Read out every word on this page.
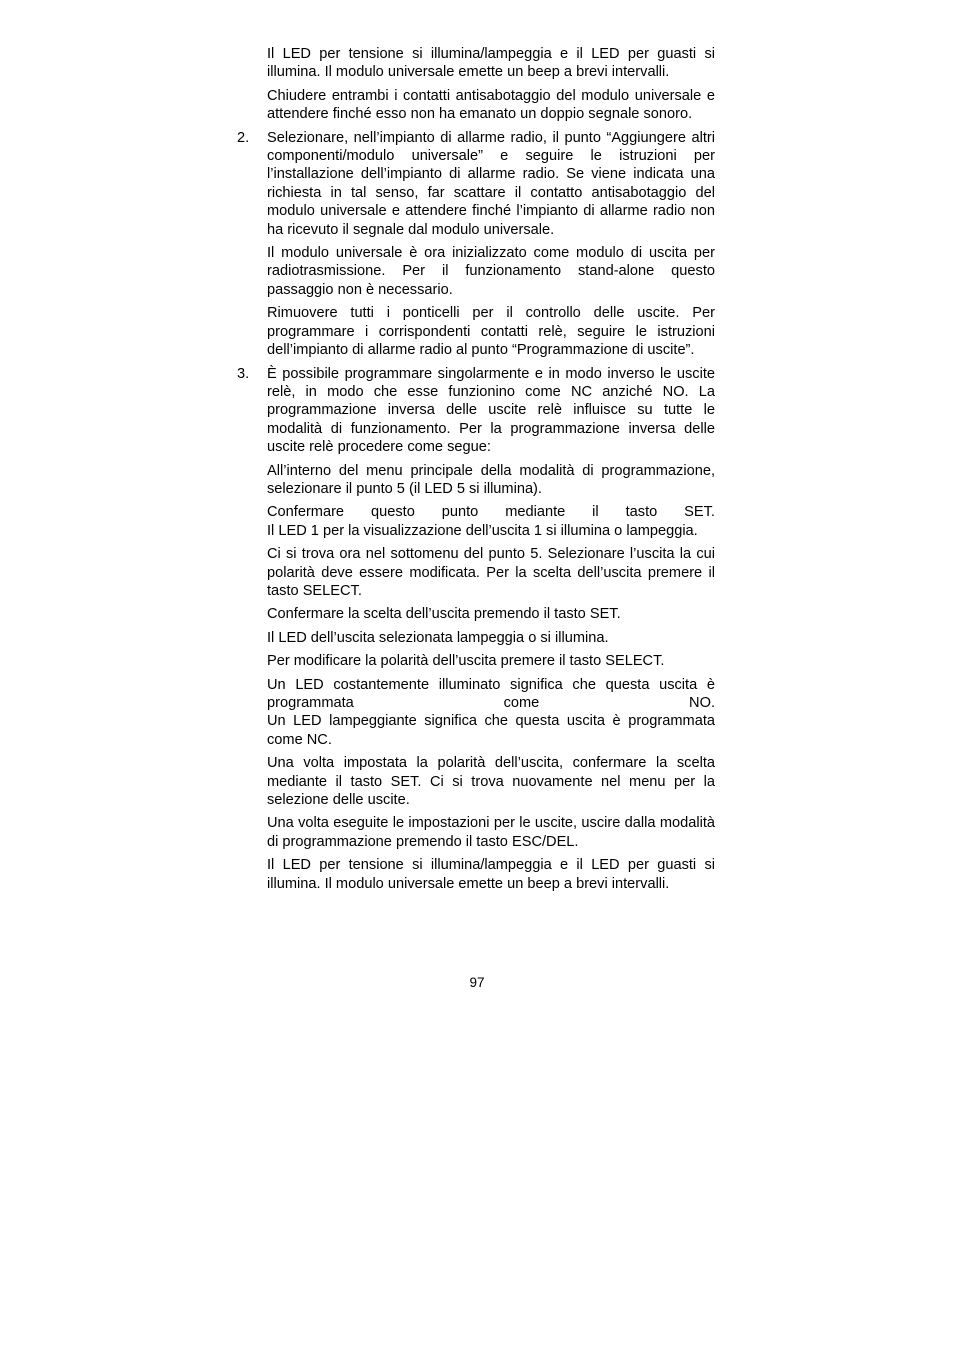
Il LED per tensione si illumina/lampeggia e il LED per guasti si illumina. Il modulo universale emette un beep a brevi intervalli.

Chiudere entrambi i contatti antisabotaggio del modulo universale e attendere finché esso non ha emanato un doppio segnale sonoro.

2. Selezionare, nell’impianto di allarme radio, il punto “Aggiungere altri componenti/modulo universale” e seguire le istruzioni per l’installazione dell’impianto di allarme radio. Se viene indicata una richiesta in tal senso, far scattare il contatto antisabotaggio del modulo universale e attendere finché l’impianto di allarme radio non ha ricevuto il segnale dal modulo universale.

Il modulo universale è ora inizializzato come modulo di uscita per radiotrasmissione. Per il funzionamento stand-alone questo passaggio non è necessario.

Rimuovere tutti i ponticelli per il controllo delle uscite. Per programmare i corrispondenti contatti relè, seguire le istruzioni dell’impianto di allarme radio al punto “Programmazione di uscite”.

3. È possibile programmare singolarmente e in modo inverso le uscite relè, in modo che esse funzionino come NC anziché NO. La programmazione inversa delle uscite relè influisce su tutte le modalità di funzionamento. Per la programmazione inversa delle uscite relè procedere come segue:

All’interno del menu principale della modalità di programmazione, selezionare il punto 5 (il LED 5 si illumina).

Confermare questo punto mediante il tasto SET.
Il LED 1 per la visualizzazione dell’uscita 1 si illumina o lampeggia.

Ci si trova ora nel sottomenu del punto 5. Selezionare l’uscita la cui polarità deve essere modificata. Per la scelta dell’uscita premere il tasto SELECT.

Confermare la scelta dell’uscita premendo il tasto SET.

Il LED dell’uscita selezionata lampeggia o si illumina.

Per modificare la polarità dell’uscita premere il tasto SELECT.

Un LED costantemente illuminato significa che questa uscita è programmata come NO.
Un LED lampeggiante significa che questa uscita è programmata come NC.

Una volta impostata la polarità dell’uscita, confermare la scelta mediante il tasto SET. Ci si trova nuovamente nel menu per la selezione delle uscite.

Una volta eseguite le impostazioni per le uscite, uscire dalla modalità di programmazione premendo il tasto ESC/DEL.

Il LED per tensione si illumina/lampeggia e il LED per guasti si illumina. Il modulo universale emette un beep a brevi intervalli.

97
